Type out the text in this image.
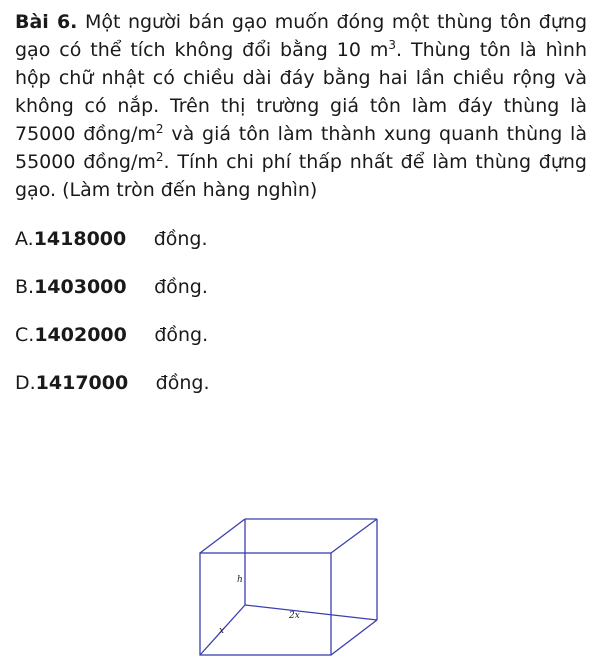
Bài 6. Một người bán gạo muốn đóng một thùng tôn đựng gạo có thể tích không đổi bằng 10 $m^3$. Thùng tôn là hình hộp chữ nhật có chiều dài đáy bằng hai lần chiều rộng và không có nắp. Trên thị trường giá tôn làm đáy thùng là 75000 đồng/$m^2$ và giá tôn làm thành xung quanh thùng là 55000 đồng/$m^2$. Tính chi phí thấp nhất để làm thùng đựng gạo. (Làm tròn đến hàng nghìn)
A.1418000 đồng.
B.1403000 đồng.
C.1402000 đồng.
D.1417000 đồng.
h
2x
x
